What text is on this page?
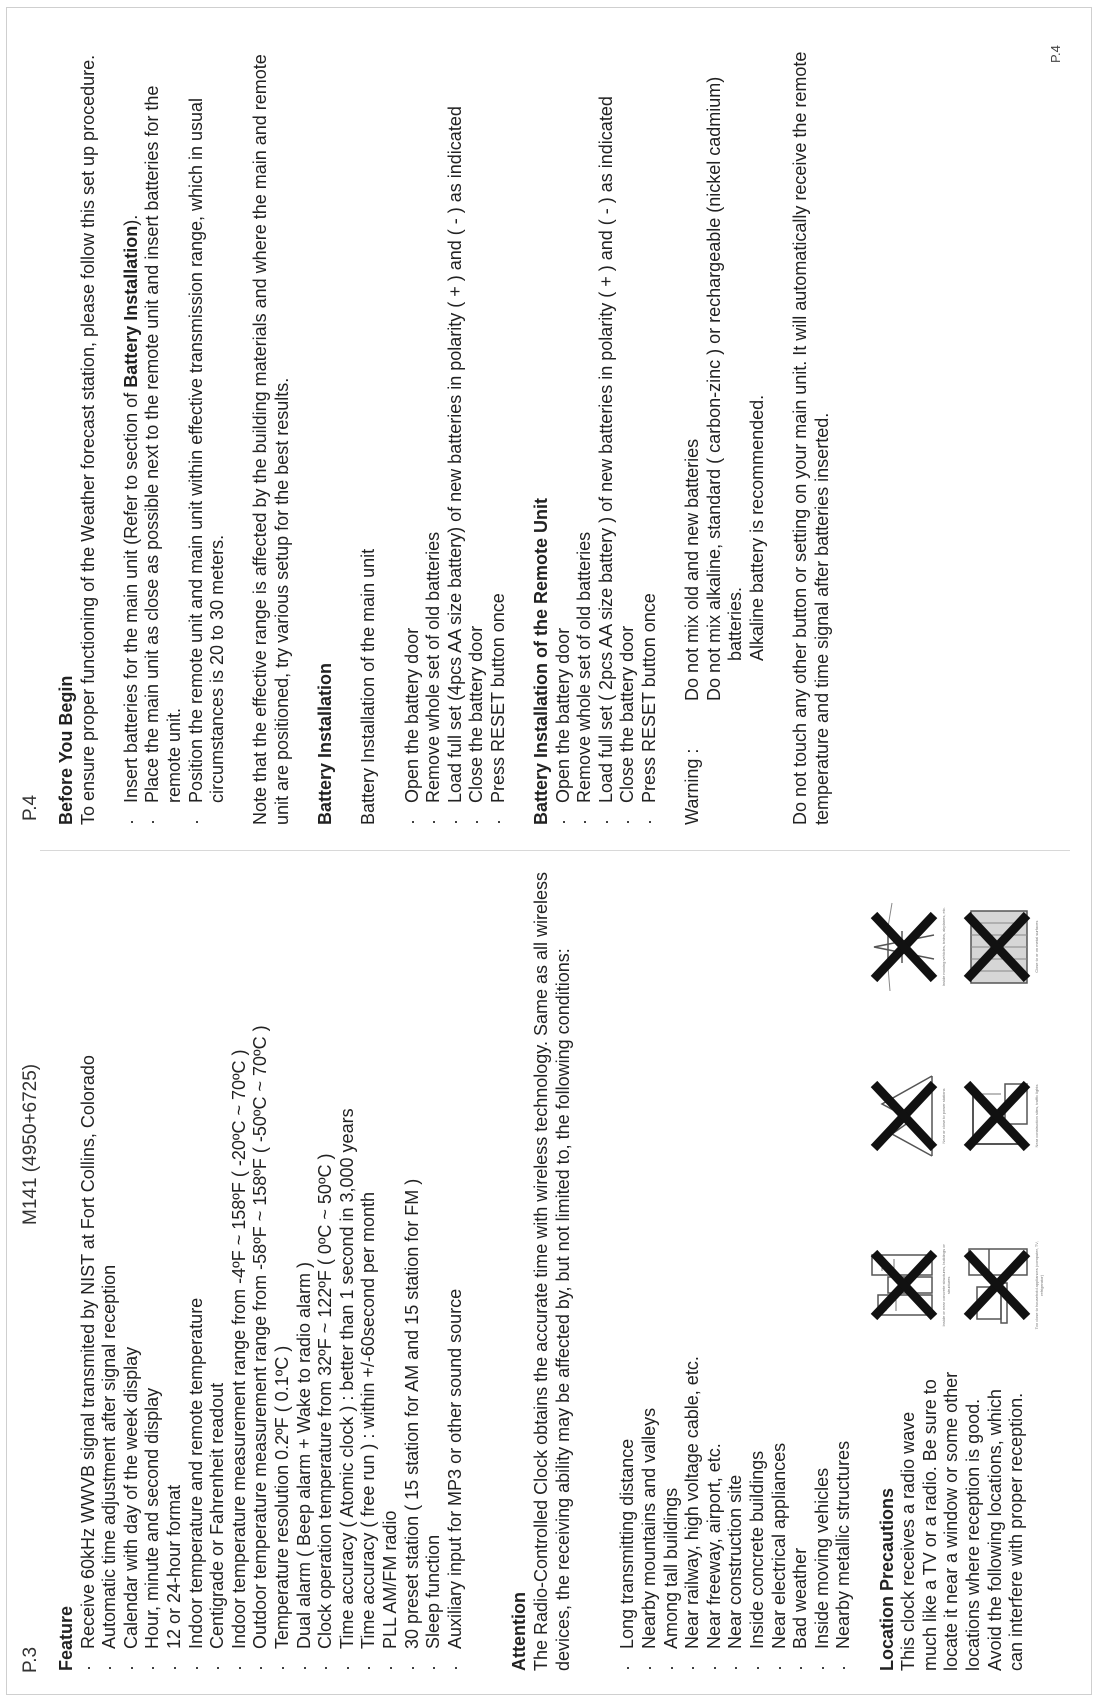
P.3
M141 (4950+6725)
P.4

Feature ·
Receive 60kHz WWVB signal transmited by NIST at Fort Collins, Colorado
·
Automatic time adjustment after signal reception
·
Calendar with day of the week display
·
Hour, minute and second display
·
12 or 24-hour format
·
Indoor temperature and remote temperature
·
Centigrade or Fahrenheit readout
·
Indoor temperature measurement range from -4ºF ~ 158ºF ( -20ºC ~ 70ºC )
·
Outdoor temperature measurement range from -58ºF ~ 158ºF ( -50ºC ~ 70ºC )
·
Temperature resolution 0.2ºF ( 0.1ºC )
·
Dual alarm ( Beep alarm + Wake to radio alarm )
·
Clock operation temperature from 32ºF ~ 122ºF ( 0ºC ~ 50ºC )
·
Time accuracy ( Atomic clock ) : better than 1 second in 3,000 years
·
Time accuracy ( free run ) : within +/-60second per month
·
PLL AM/FM radio
·
30 preset station ( 15 station for AM and 15 station for FM )
·
Sleep function
·
Auxiliary input for MP3 or other sound source Attention The Radio-Controlled Clock obtains the accurate time with wireless technology. Same as all wireless devices, the receiving ability may be affected by, but not limited to, the following conditions: ·
Long transmitting distance
·
Nearby mountains and valleys
·
Among tall buildings
·
Near railway, high voltage cable, etc.
·
Near freeway, airport, etc.
·
Near construction site
·
Inside concrete buildings
·
Near electrical appliances
·
Bad weather
·
Inside moving vehicles
·
Nearby metallic structures Location Precautions This clock receives a radio wave much like a TV or a radio. Be sure to locate it near a window or some other locations where reception is good. Avoid the following locations, which can interfere with proper reception.

Inside or near concrete structures, buildings or structures
Near or close to power stations
Inside moving vehicles, trains, airplanes, etc.
Too close to household appliances (computer, TV, refrigerator)
Near construction sites, traffic lights
Close to or on metal surfaces

Before You Begin To ensure proper functioning of the Weather forecast station, please follow this set up procedure. ·
Insert batteries for the main unit (Refer to section of Battery Installation).
·
Place the main unit as close as possible next to the remote unit and insert batteries for the remote unit.
·
Position the remote unit and main unit within effective transmission range, which in usual circumstances is 20 to 30 meters. Note that the effective range is affected by the building materials and where the main and remote unit are positioned, try various setup for the best results. Battery Installation Battery Installation of the main unit ·
Open the battery door
·
Remove whole set of old batteries
·
Load full set (4pcs AA size battery) of new batteries in polarity ( + ) and ( - ) as indicated
·
Close the battery door
·
Press RESET button once Battery Installation of the Remote Unit ·
Open the battery door
·
Remove whole set of old batteries
·
Load full set ( 2pcs AA size battery ) of new batteries in polarity ( + ) and ( - ) as indicated
·
Close the battery door
·
Press RESET button once Warning :

Do not mix old and new batteries Do not mix alkaline, standard ( carbon-zinc ) or rechargeable (nickel cadmium) batteries. Alkaline battery is recommended. Do not touch any other button or setting on your main unit. It will automatically receive the remote temperature and time signal after batteries inserted.

P.4
